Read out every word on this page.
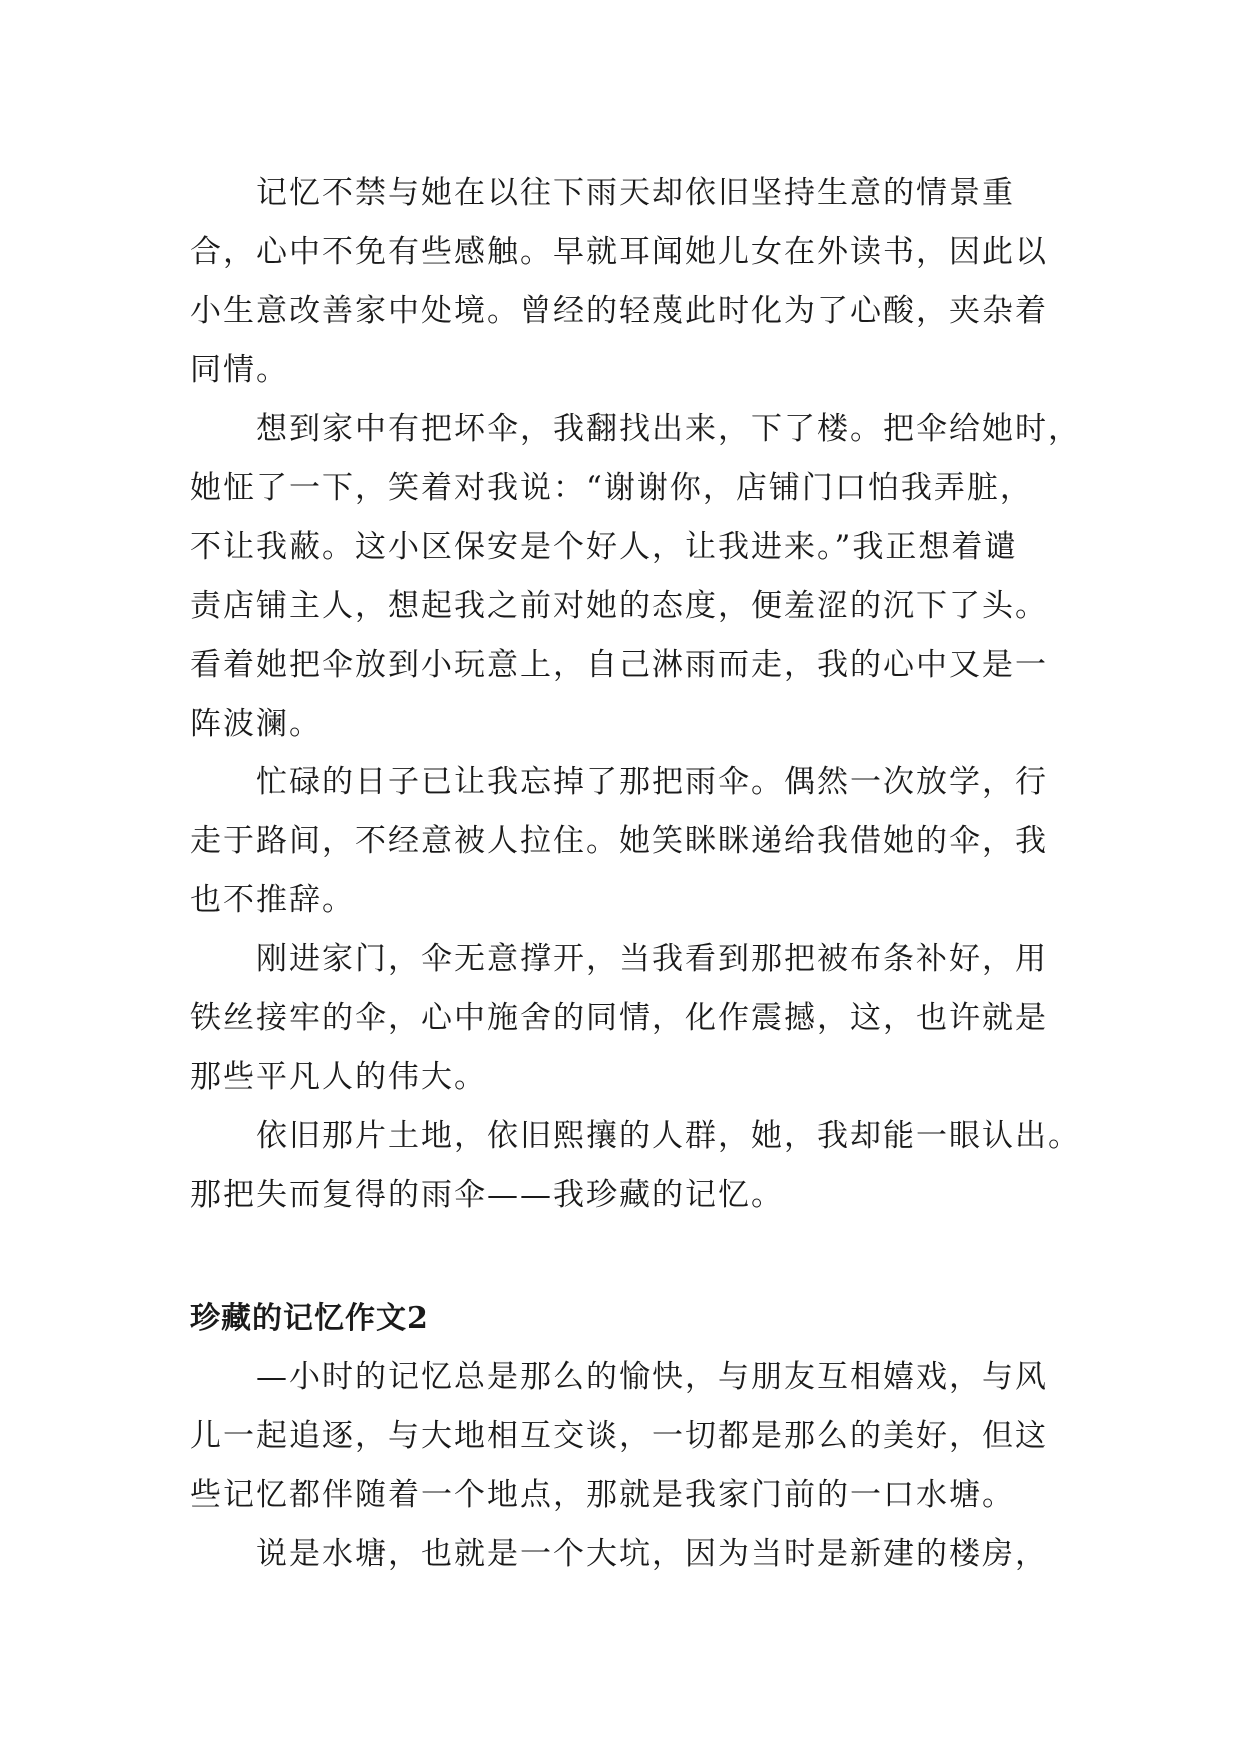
记忆不禁与她在以往下雨天却依旧坚持生意的情景重
合，心中不免有些感触。早就耳闻她儿女在外读书，因此以
小生意改善家中处境。曾经的轻蔑此时化为了心酸，夹杂着
同情。

想到家中有把坏伞，我翻找出来，下了楼。把伞给她时，
她怔了一下，笑着对我说：“谢谢你，店铺门口怕我弄脏，
不让我蔽。这小区保安是个好人，让我进来。”我正想着谴
责店铺主人，想起我之前对她的态度，便羞涩的沉下了头。
看着她把伞放到小玩意上，自己淋雨而走，我的心中又是一
阵波澜。

忙碌的日子已让我忘掉了那把雨伞。偶然一次放学，行
走于路间，不经意被人拉住。她笑眯眯递给我借她的伞，我
也不推辞。

刚进家门，伞无意撑开，当我看到那把被布条补好，用
铁丝接牢的伞，心中施舍的同情，化作震撼，这，也许就是
那些平凡人的伟大。

依旧那片土地，依旧熙攘的人群，她，我却能一眼认出。
那把失而复得的雨伞——我珍藏的记忆。

珍藏的记忆作文2

—小时的记忆总是那么的愉快，与朋友互相嬉戏，与风
儿一起追逐，与大地相互交谈，一切都是那么的美好，但这
些记忆都伴随着一个地点，那就是我家门前的一口水塘。

说是水塘，也就是一个大坑，因为当时是新建的楼房，
